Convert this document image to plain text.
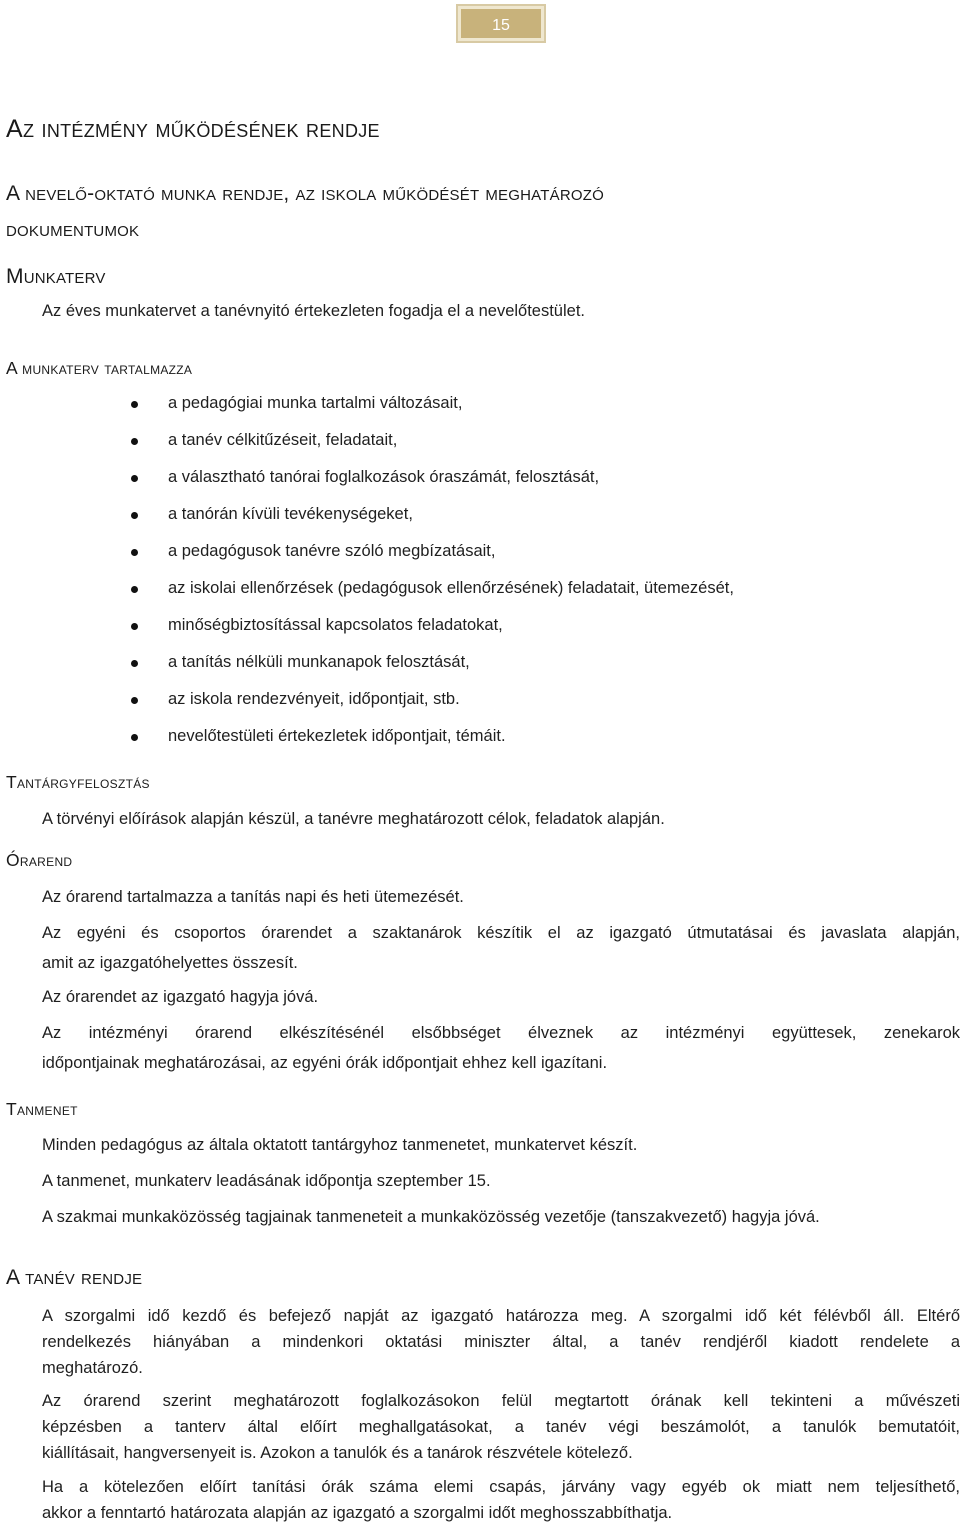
15
Az intézmény működésének rendje
A nevelő-oktató munka rendje, az iskola működését meghatározó
dokumentumok
Munkaterv
Az éves munkatervet a tanévnyitó értekezleten fogadja el a nevelőtestület.
A munkaterv tartalmazza
a pedagógiai munka tartalmi változásait,
a tanév célkitűzéseit, feladatait,
a választható tanórai foglalkozások óraszámát, felosztását,
a tanórán kívüli tevékenységeket,
a pedagógusok tanévre szóló megbízatásait,
az iskolai ellenőrzések (pedagógusok ellenőrzésének) feladatait, ütemezését,
minőségbiztosítással kapcsolatos feladatokat,
a tanítás nélküli munkanapok felosztását,
az iskola rendezvényeit, időpontjait, stb.
nevelőtestületi értekezletek időpontjait, témáit.
Tantárgyfelosztás
A törvényi előírások alapján készül, a tanévre meghatározott célok, feladatok alapján.
Órarend
Az órarend tartalmazza a tanítás napi és heti ütemezését.
Az egyéni és csoportos órarendet a szaktanárok készítik el az igazgató útmutatásai és javaslata alapján,
amit az igazgatóhelyettes összesít.
Az órarendet az igazgató hagyja jóvá.
Az intézményi órarend elkészítésénél elsőbbséget élveznek az intézményi együttesek, zenekarok
időpontjainak meghatározásai, az egyéni órák időpontjait ehhez kell igazítani.
Tanmenet
Minden pedagógus az általa oktatott tantárgyhoz tanmenetet, munkatervet készít.
A tanmenet, munkaterv leadásának időpontja szeptember 15.
A szakmai munkaközösség tagjainak tanmeneteit a munkaközösség vezetője (tanszakvezető) hagyja jóvá.
A tanév rendje
A szorgalmi idő kezdő és befejező napját az igazgató határozza meg. A szorgalmi idő két félévből áll. Eltérő
rendelkezés hiányában a mindenkori oktatási miniszter által, a tanév rendjéről kiadott rendelete a
meghatározó.
Az órarend szerint meghatározott foglalkozásokon felül megtartott órának kell tekinteni a művészeti
képzésben a tanterv által előírt meghallgatásokat, a tanév végi beszámolót, a tanulók bemutatóit,
kiállításait, hangversenyeit is. Azokon a tanulók és a tanárok részvétele kötelező.
Ha a kötelezően előírt tanítási órák száma elemi csapás, járvány vagy egyéb ok miatt nem teljesíthető,
akkor a fenntartó határozata alapján az igazgató a szorgalmi időt meghosszabbíthatja.
